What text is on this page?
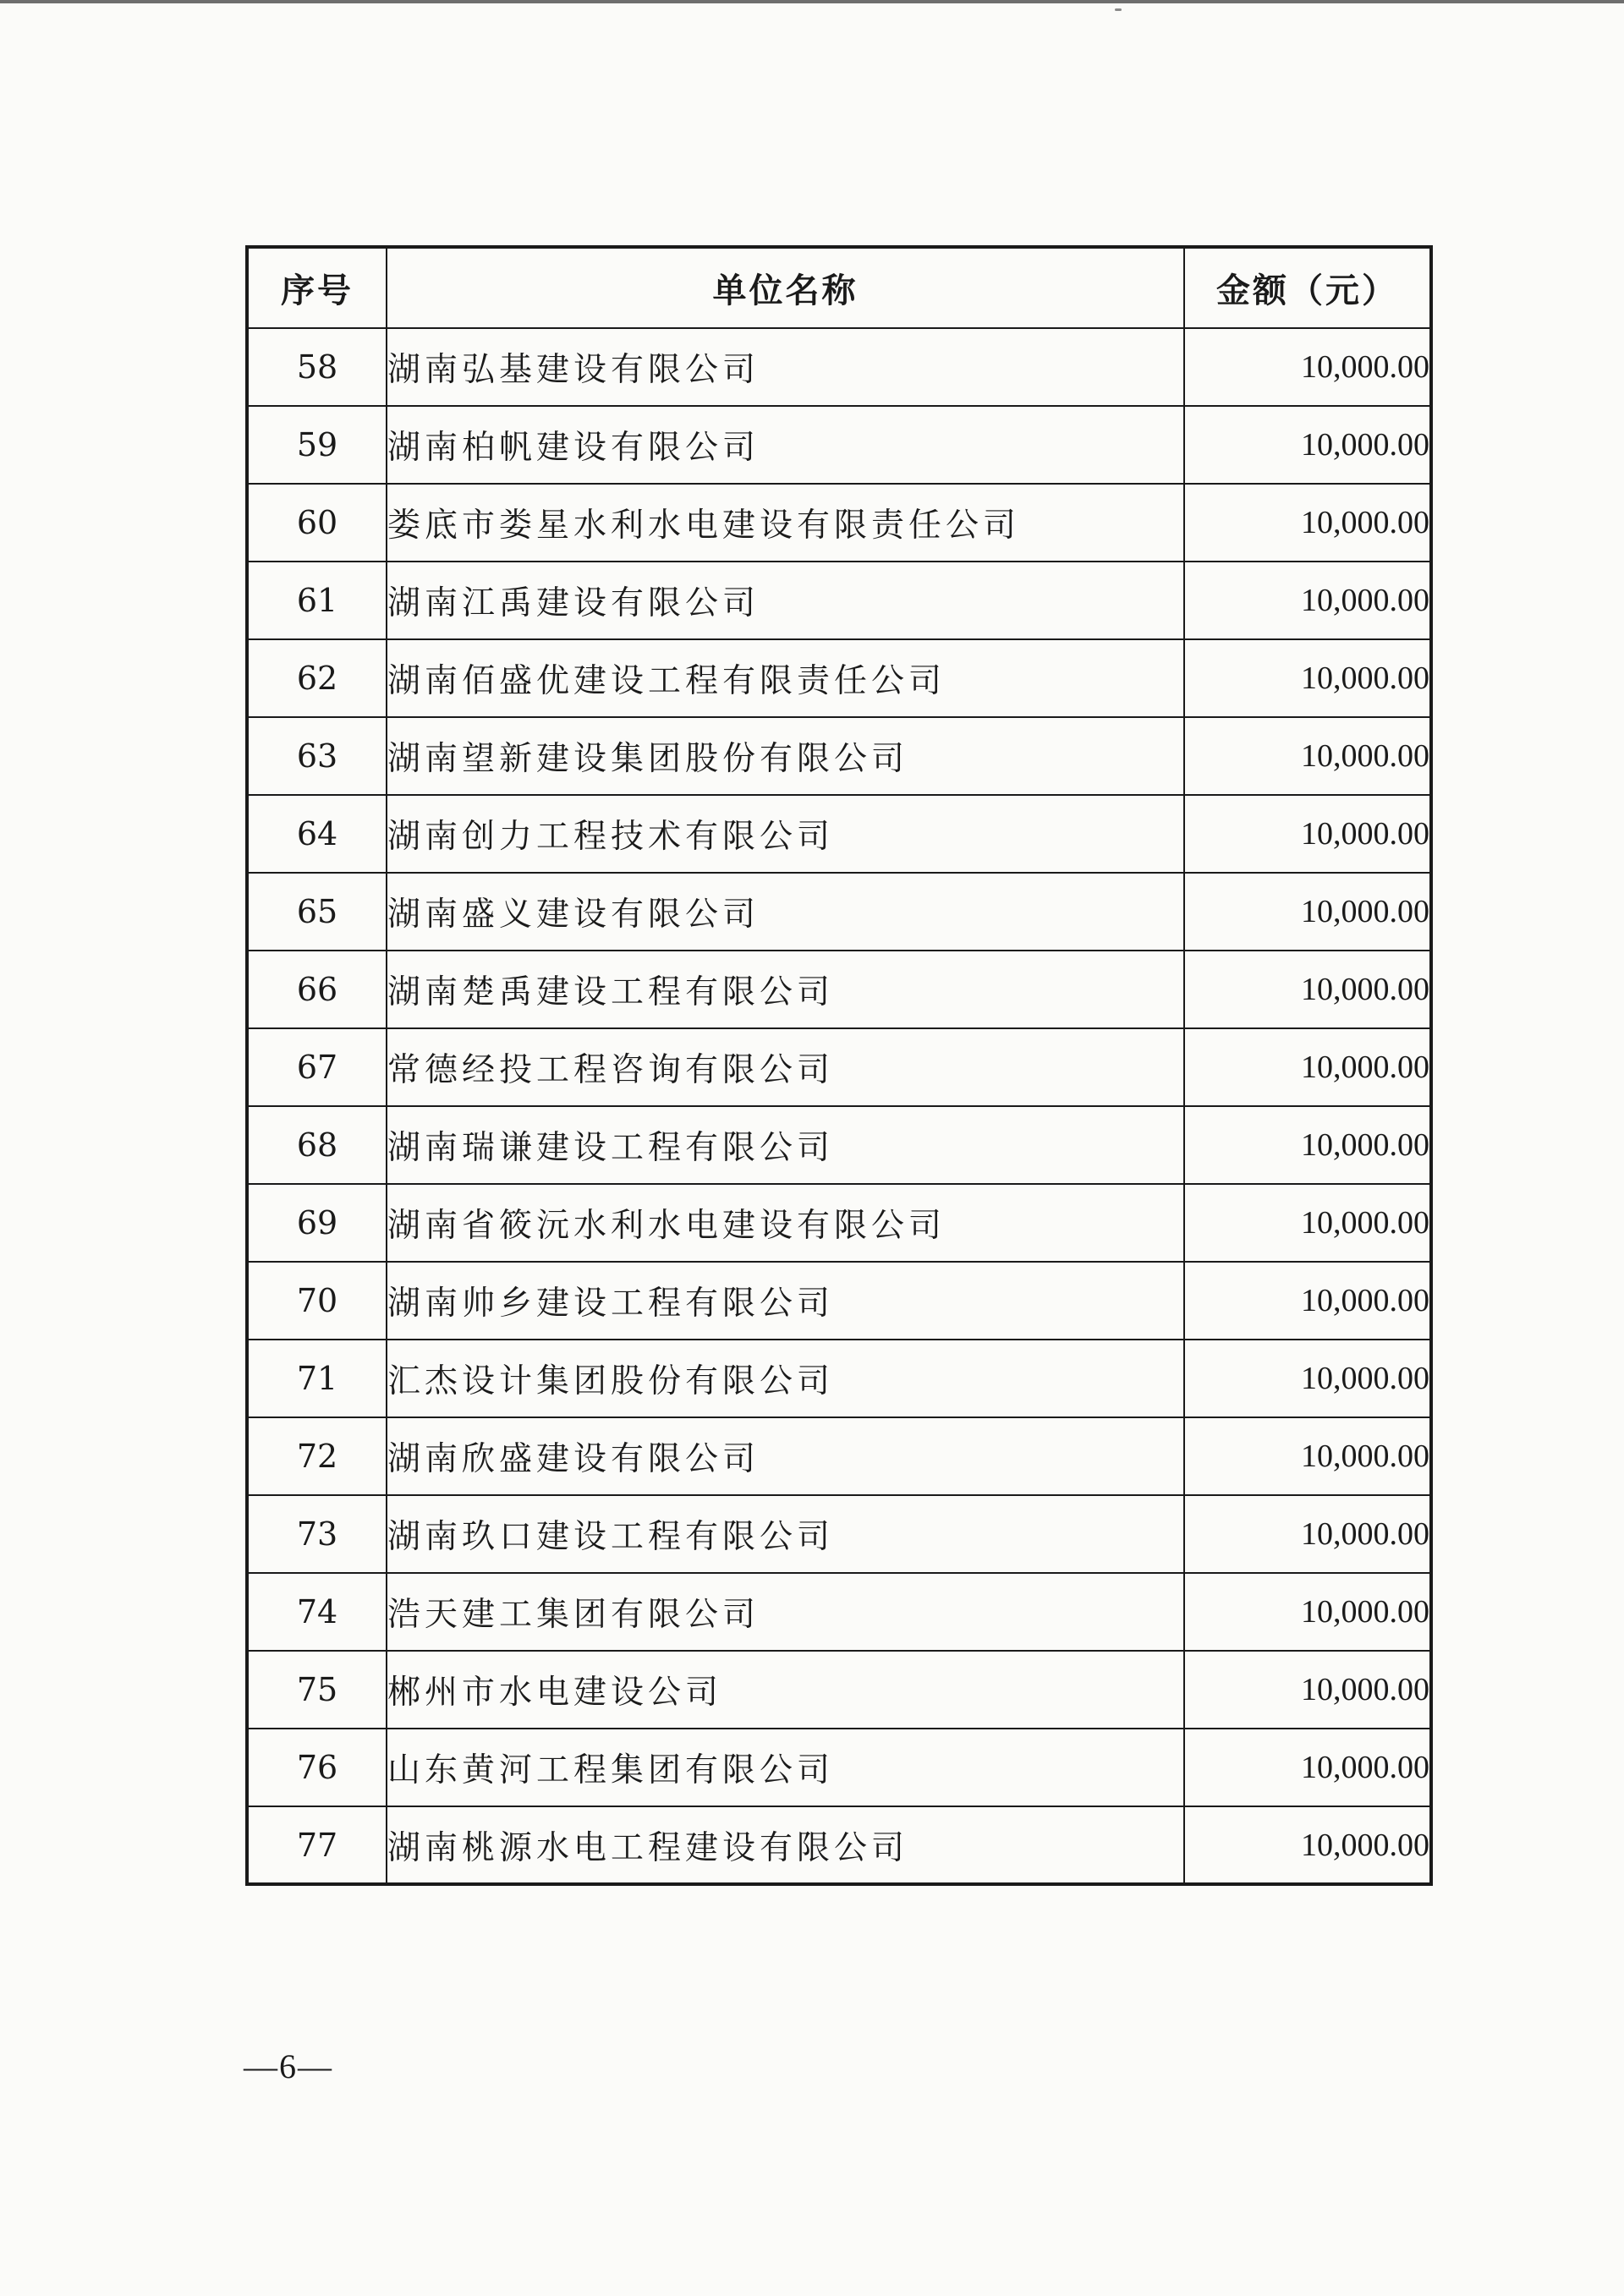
序号	单位名称	金额（元）
58	湖南弘基建设有限公司	10,000.00
59	湖南柏帆建设有限公司	10,000.00
60	娄底市娄星水利水电建设有限责任公司	10,000.00
61	湖南江禹建设有限公司	10,000.00
62	湖南佰盛优建设工程有限责任公司	10,000.00
63	湖南望新建设集团股份有限公司	10,000.00
64	湖南创力工程技术有限公司	10,000.00
65	湖南盛义建设有限公司	10,000.00
66	湖南楚禹建设工程有限公司	10,000.00
67	常德经投工程咨询有限公司	10,000.00
68	湖南瑞谦建设工程有限公司	10,000.00
69	湖南省筱沅水利水电建设有限公司	10,000.00
70	湖南帅乡建设工程有限公司	10,000.00
71	汇杰设计集团股份有限公司	10,000.00
72	湖南欣盛建设有限公司	10,000.00
73	湖南玖口建设工程有限公司	10,000.00
74	浩天建工集团有限公司	10,000.00
75	郴州市水电建设公司	10,000.00
76	山东黄河工程集团有限公司	10,000.00
77	湖南桃源水电工程建设有限公司	10,000.00
—6—
